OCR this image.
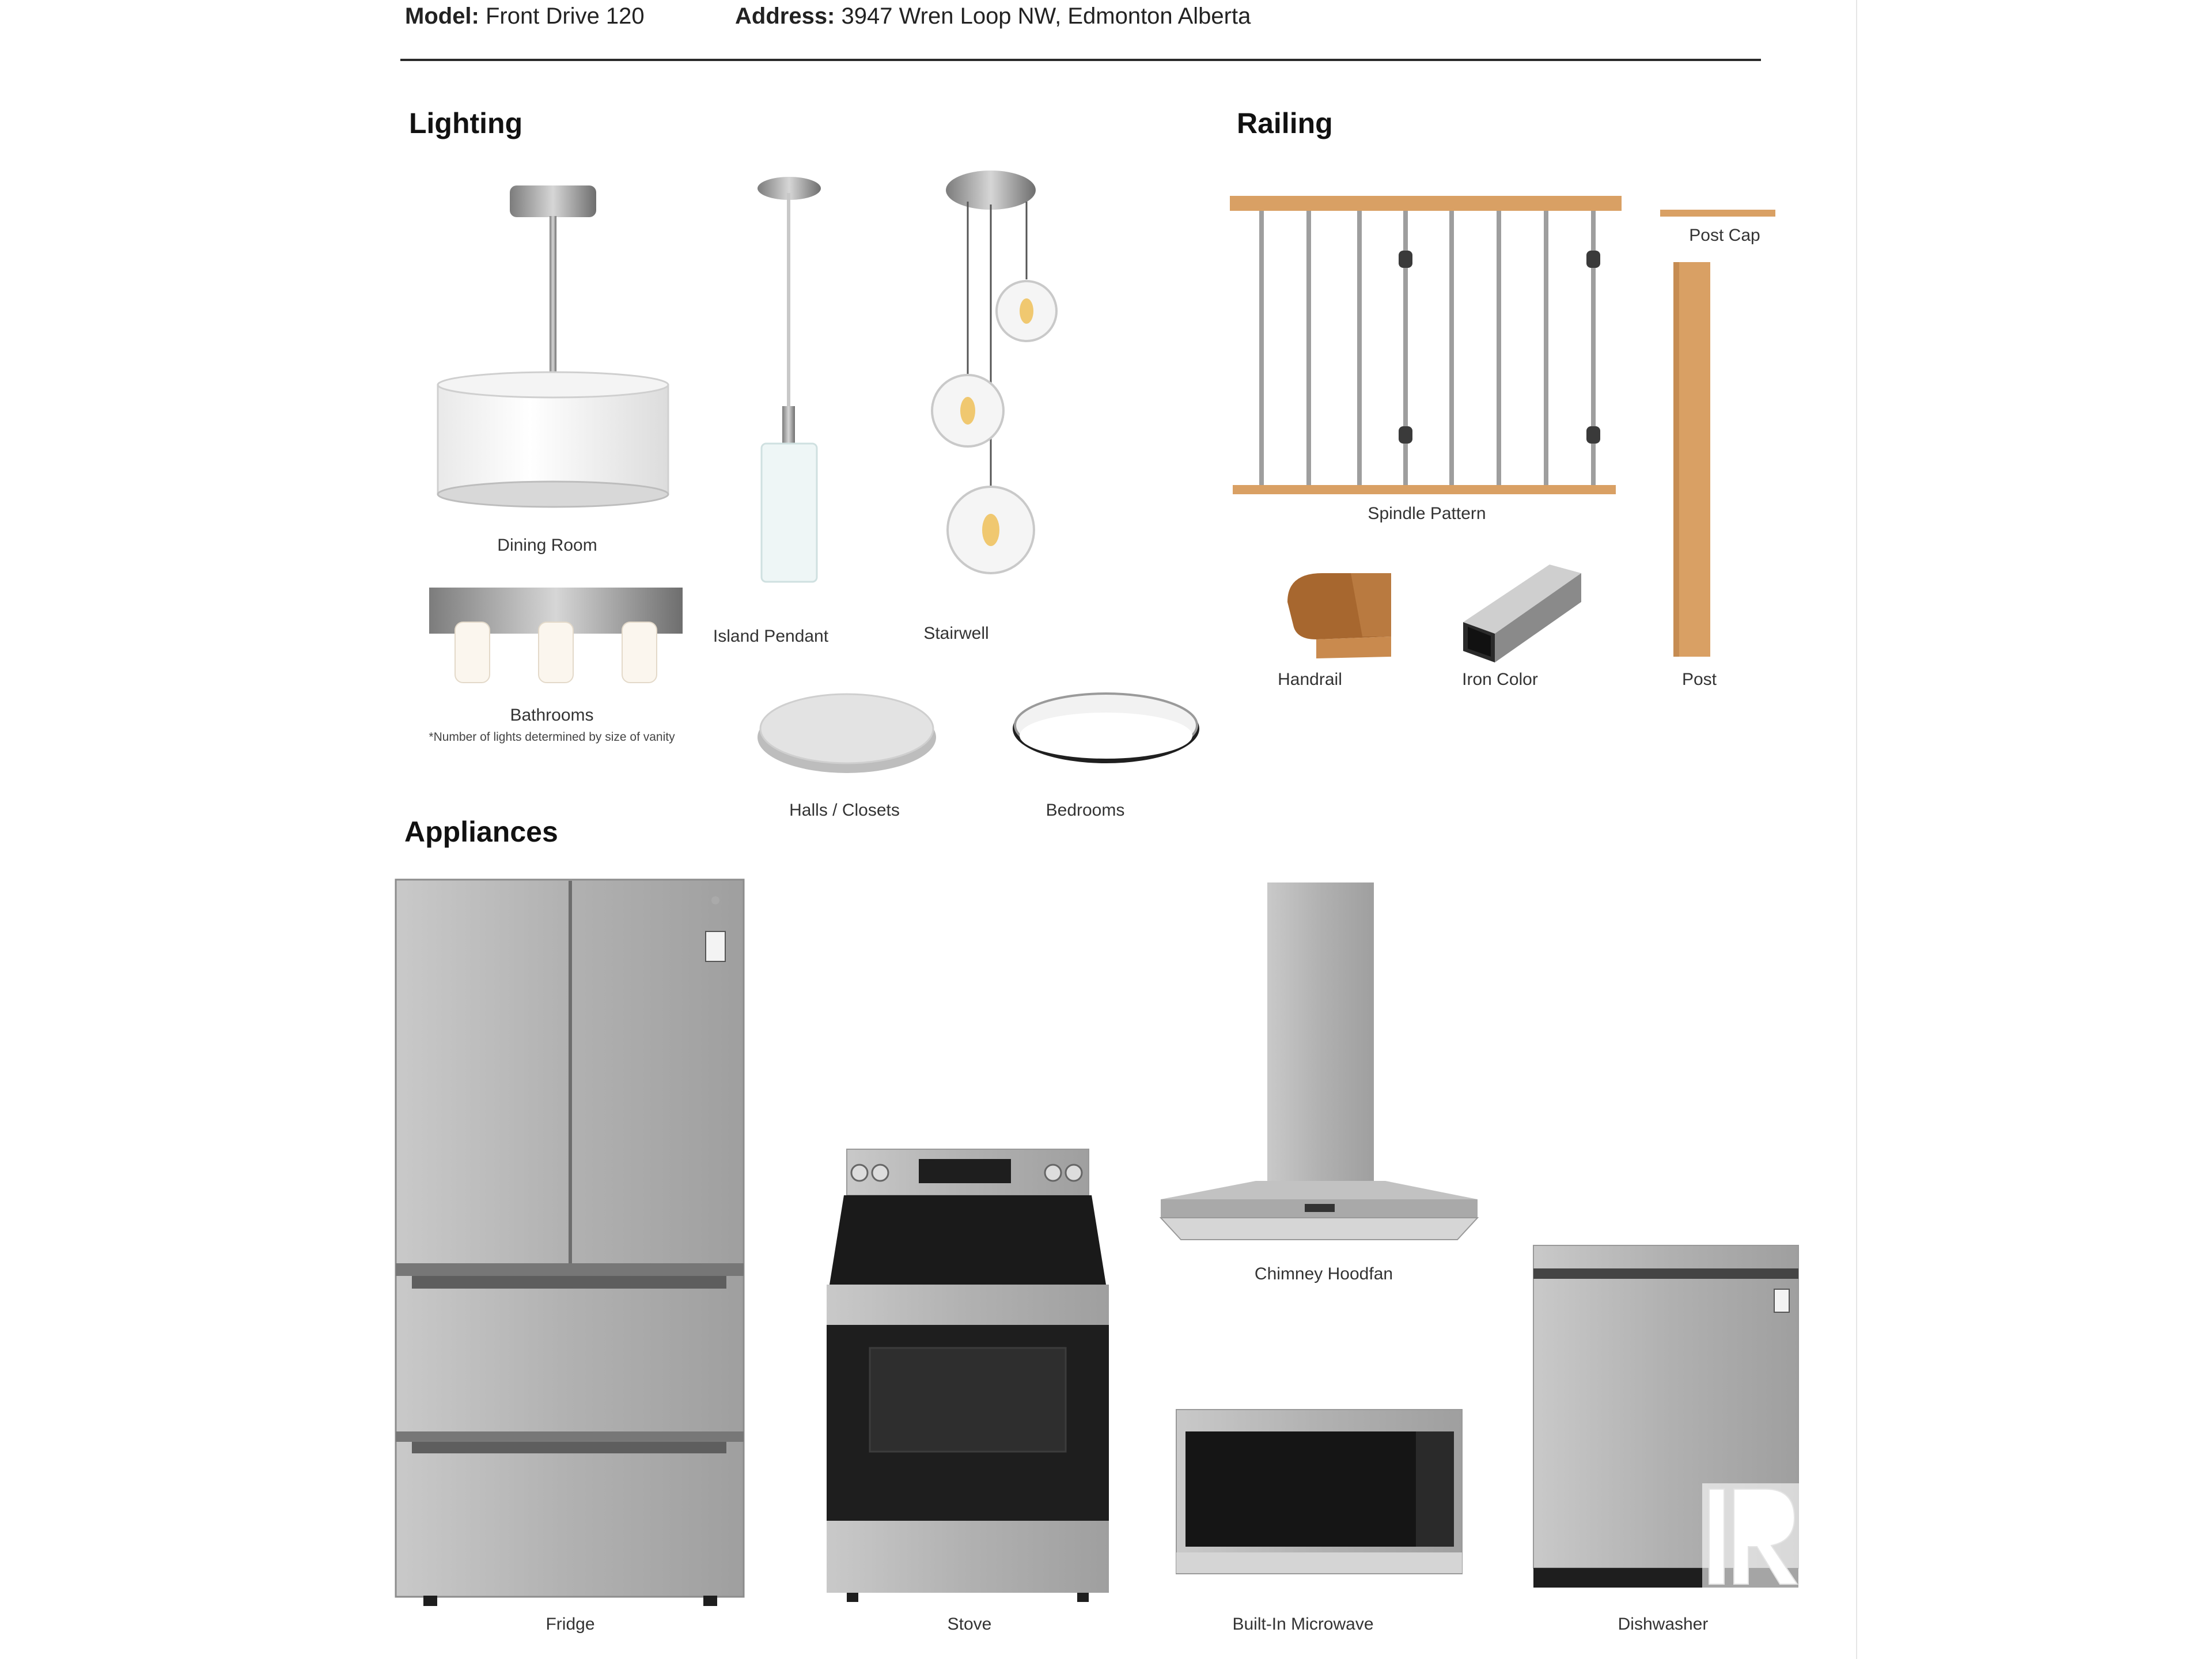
Model: Front Drive 120	Address: 3947 Wren Loop NW, Edmonton Alberta
Lighting	Railing
Appliances
Dining Room
Island Pendant	Stairwell
Bathrooms
*Number of lights determined by size of vanity
Halls / Closets	Bedrooms
Spindle Pattern
Post Cap
Post
Handrail	Iron Color
Fridge	Stove
Chimney Hoodfan
Built-In Microwave	Dishwasher
